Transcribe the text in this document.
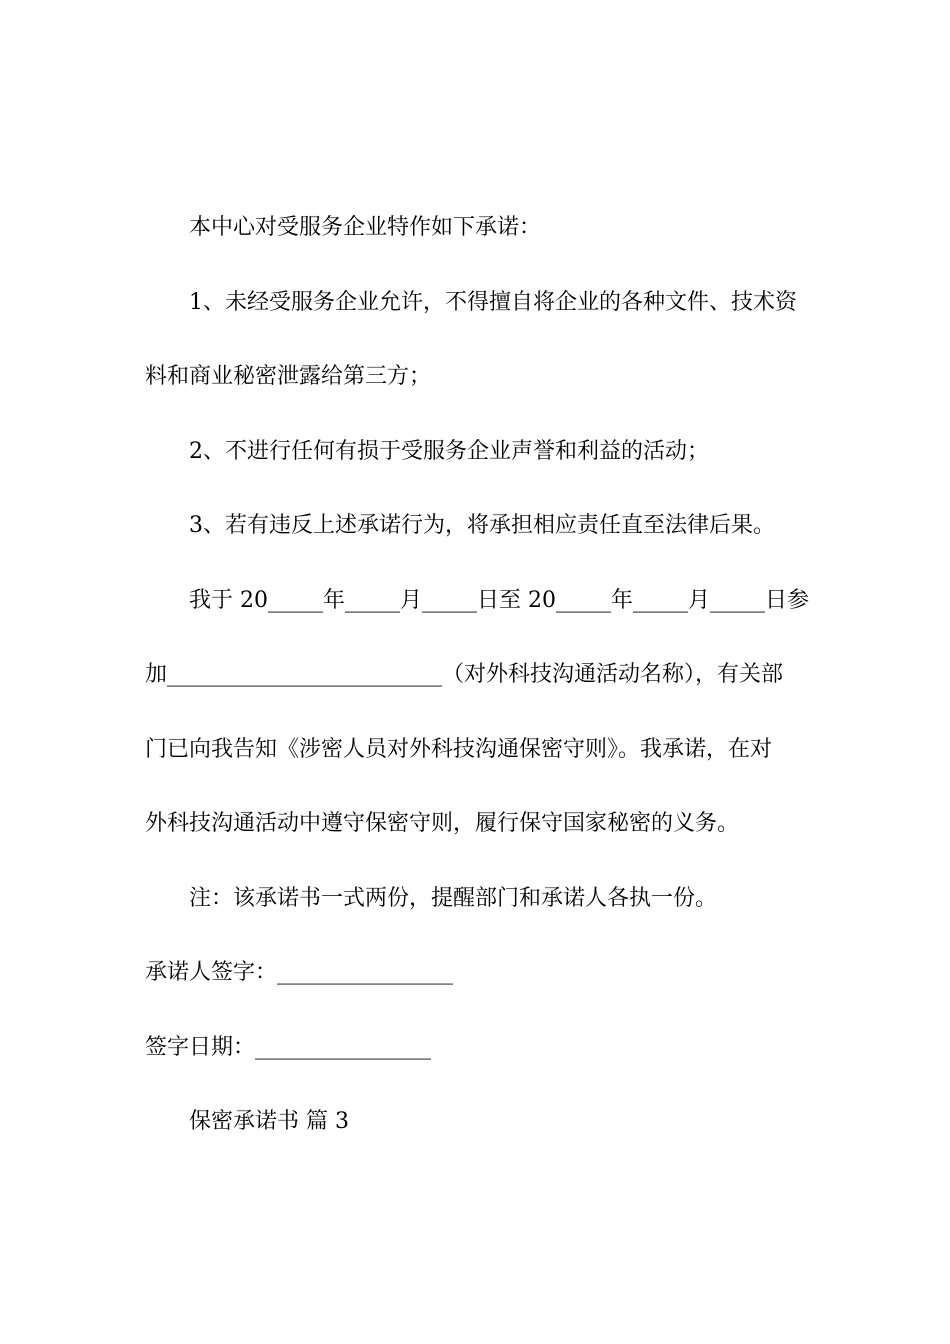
本中心对受服务企业特作如下承诺：
1、未经受服务企业允许，不得擅自将企业的各种文件、技术资
料和商业秘密泄露给第三方；
2、不进行任何有损于受服务企业声誉和利益的活动；
3、若有违反上述承诺行为，将承担相应责任直至法律后果。
我于 20_____年_____月_____日至 20_____年_____月_____日参
加_________________________（对外科技沟通活动名称），有关部
门已向我告知《涉密人员对外科技沟通保密守则》。我承诺，在对
外科技沟通活动中遵守保密守则，履行保守国家秘密的义务。
注：该承诺书一式两份，提醒部门和承诺人各执一份。
承诺人签字：________________
签字日期：________________
保密承诺书 篇 3
